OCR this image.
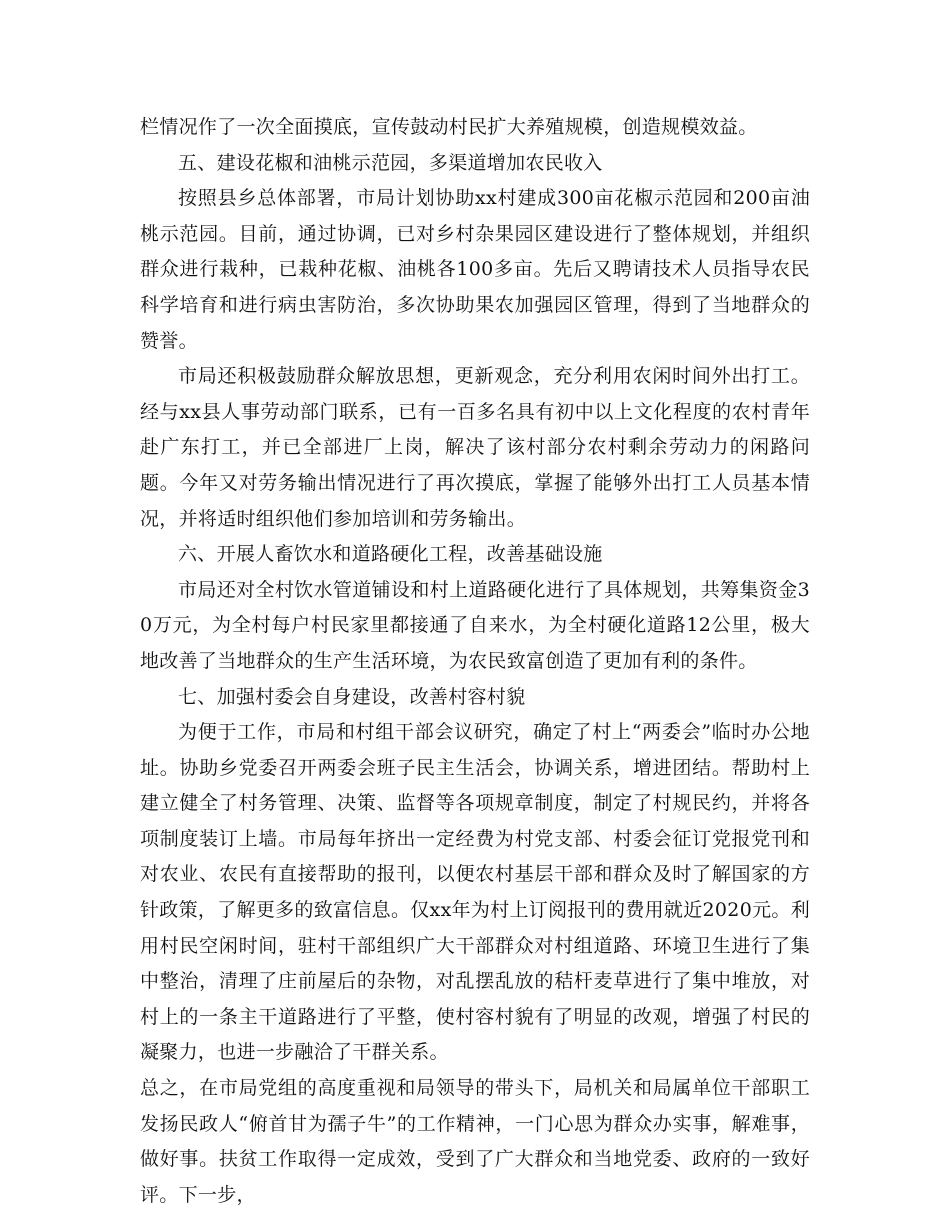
栏情况作了一次全面摸底，宣传鼓动村民扩大养殖规模，创造规模效益。

五、建设花椒和油桃示范园，多渠道增加农民收入

按照县乡总体部署，市局计划协助xx村建成300亩花椒示范园和200亩油桃示范园。目前，通过协调，已对乡村杂果园区建设进行了整体规划，并组织群众进行栽种，已栽种花椒、油桃各100多亩。先后又聘请技术人员指导农民科学培育和进行病虫害防治，多次协助果农加强园区管理，得到了当地群众的赞誉。

市局还积极鼓励群众解放思想，更新观念，充分利用农闲时间外出打工。经与xx县人事劳动部门联系，已有一百多名具有初中以上文化程度的农村青年赴广东打工，并已全部进厂上岗，解决了该村部分农村剩余劳动力的闲路问题。今年又对劳务输出情况进行了再次摸底，掌握了能够外出打工人员基本情况，并将适时组织他们参加培训和劳务输出。

六、开展人畜饮水和道路硬化工程，改善基础设施

市局还对全村饮水管道铺设和村上道路硬化进行了具体规划，共筹集资金30万元，为全村每户村民家里都接通了自来水，为全村硬化道路12公里，极大地改善了当地群众的生产生活环境，为农民致富创造了更加有利的条件。

七、加强村委会自身建设，改善村容村貌

为便于工作，市局和村组干部会议研究，确定了村上“两委会”临时办公地址。协助乡党委召开两委会班子民主生活会，协调关系，增进团结。帮助村上建立健全了村务管理、决策、监督等各项规章制度，制定了村规民约，并将各项制度装订上墙。市局每年挤出一定经费为村党支部、村委会征订党报党刊和对农业、农民有直接帮助的报刊，以便农村基层干部和群众及时了解国家的方针政策，了解更多的致富信息。仅xx年为村上订阅报刊的费用就近2020元。利用村民空闲时间，驻村干部组织广大干部群众对村组道路、环境卫生进行了集中整治，清理了庄前屋后的杂物，对乱摆乱放的秸杆麦草进行了集中堆放，对村上的一条主干道路进行了平整，使村容村貌有了明显的改观，增强了村民的凝聚力，也进一步融洽了干群关系。

总之，在市局党组的高度重视和局领导的带头下，局机关和局属单位干部职工发扬民政人“俯首甘为孺子牛”的工作精神，一门心思为群众办实事，解难事，做好事。扶贫工作取得一定成效，受到了广大群众和当地党委、政府的一致好评。下一步，
